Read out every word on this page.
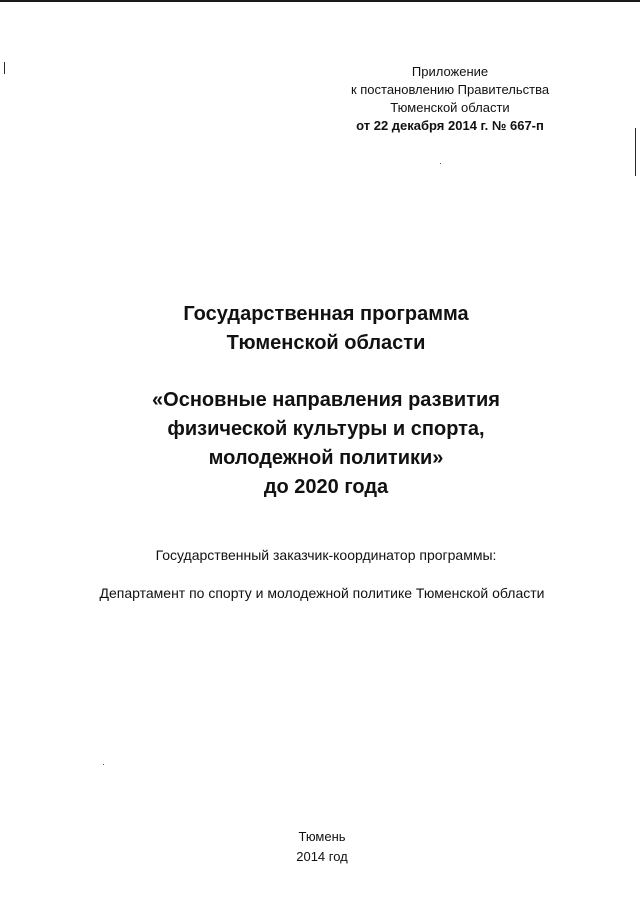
Приложение
к постановлению Правительства
Тюменской области
от 22 декабря 2014 г. № 667-п
Государственная программа
Тюменской области
«Основные направления развития
физической культуры и спорта,
молодежной политики»
до 2020 года
Государственный заказчик-координатор программы:
Департамент по спорту и молодежной политике Тюменской области
Тюмень
2014 год
